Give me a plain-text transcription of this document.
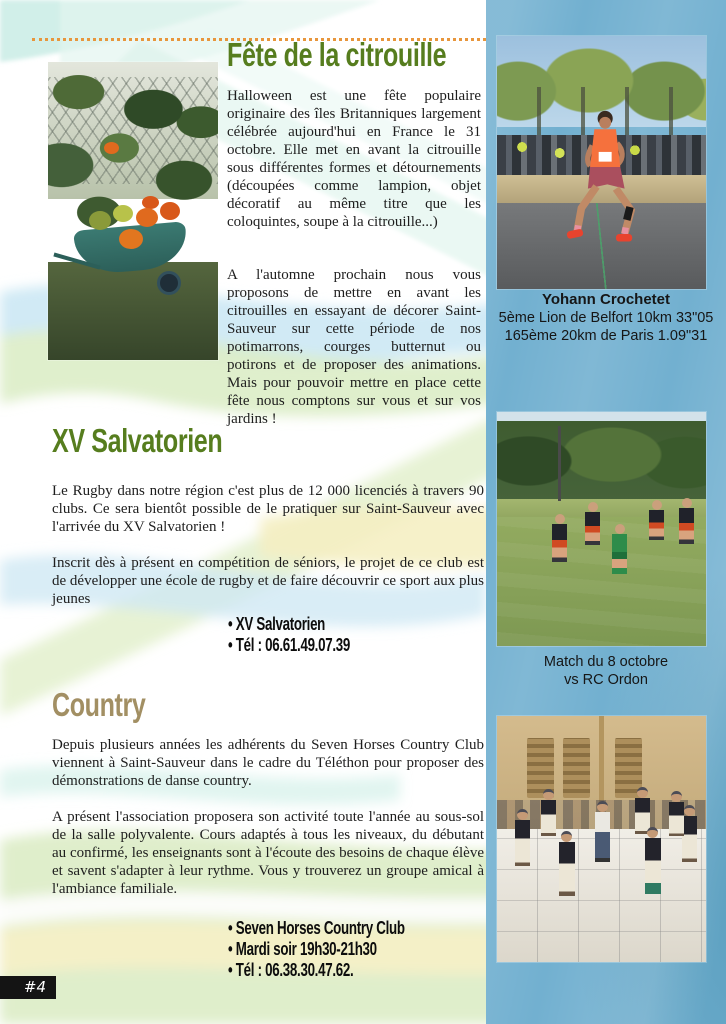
Yohann Crochetet
5ème Lion de Belfort 10km 33"05
165ème 20km de Paris 1.09"31
Match du 8 octobre
vs RC Ordon
Fête de la citrouille

Halloween est une fête populaire originaire des îles Britanniques largement célébrée aujourd'hui en France le 31 octobre. Elle met en avant la citrouille sous différentes formes et détournements (découpées comme lampion, objet décoratif au même titre que les coloquintes, soupe à la citrouille...)

A l'automne prochain nous vous proposons de mettre en avant les citrouilles en essayant de décorer Saint-Sauveur sur cette période de nos potimarrons, courges butternut ou potirons et de proposer des animations. Mais pour pouvoir mettre en place cette fête nous comptons sur vous et sur vos jardins !

XV Salvatorien

Le Rugby dans notre région c'est plus de 12 000 licenciés à travers 90 clubs. Ce sera bientôt possible de le pratiquer sur Saint-Sauveur avec l'arrivée du XV Salvatorien !

Inscrit dès à présent en compétition de séniors, le projet de ce club est de développer une école de rugby et de faire découvrir ce sport aux plus jeunes

• XV Salvatorien
• Tél : 06.61.49.07.39
Country

Depuis plusieurs années les adhérents du Seven Horses Country Club viennent à Saint-Sauveur dans le cadre du Téléthon pour proposer des démonstrations de danse country.

A présent l'association proposera son activité toute l'année au sous-sol de la salle polyvalente. Cours adaptés à tous les niveaux, du débutant au confirmé, les enseignants sont à l'écoute des besoins de chaque élève et savent s'adapter à leur rythme. Vous y trouverez un groupe amical à l'ambiance familiale.

• Seven Horses Country Club
• Mardi soir 19h30-21h30
• Tél : 06.38.30.47.62.
#4
